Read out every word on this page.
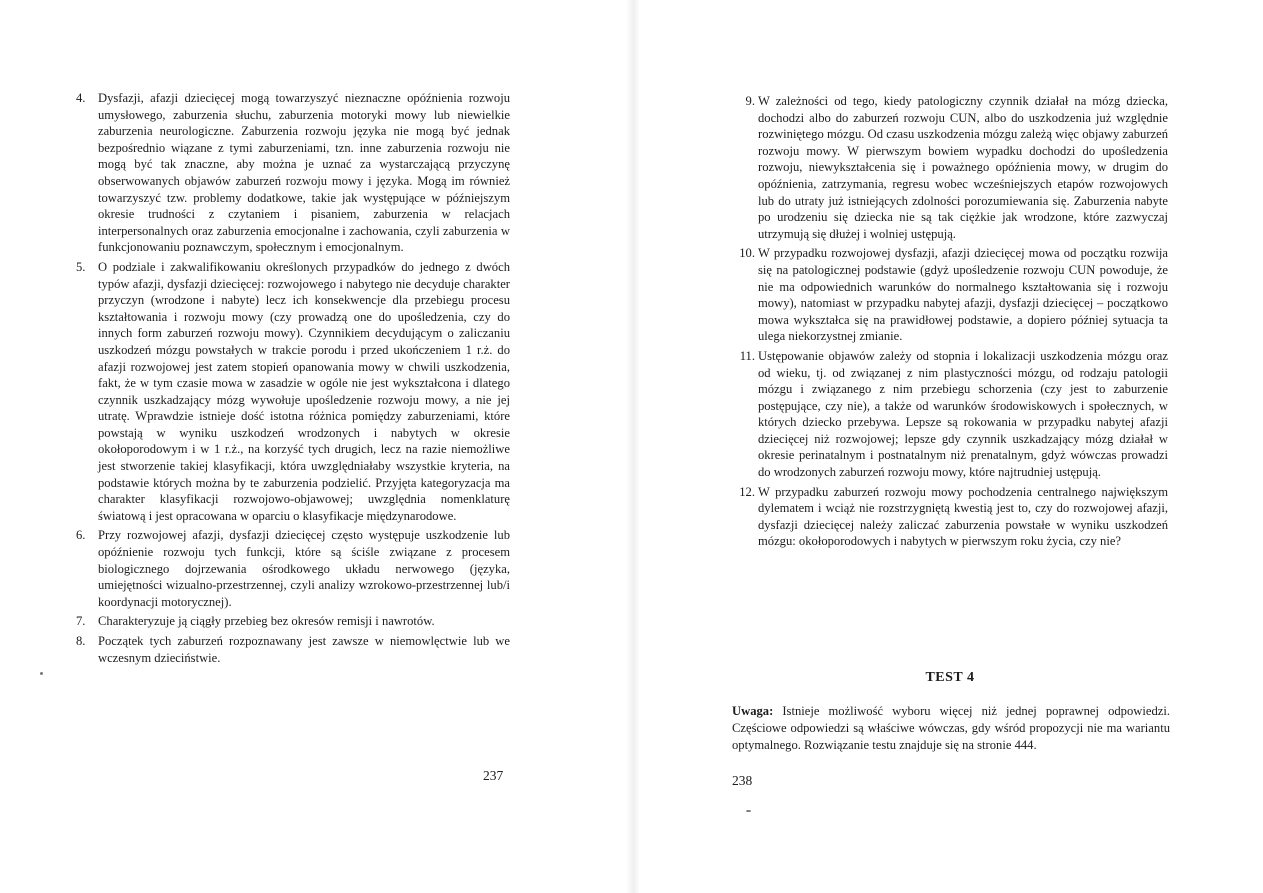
4. Dysfazji, afazji dziecięcej mogą towarzyszyć nieznaczne opóźnienia rozwoju umysłowego, zaburzenia słuchu, zaburzenia motoryki mowy lub niewielkie zaburzenia neurologiczne. Zaburzenia rozwoju języka nie mogą być jednak bezpośrednio wiązane z tymi zaburzeniami, tzn. inne zaburzenia rozwoju nie mogą być tak znaczne, aby można je uznać za wystarczającą przyczynę obserwowanych objawów zaburzeń rozwoju mowy i języka. Mogą im również towarzyszyć tzw. problemy dodatkowe, takie jak występujące w późniejszym okresie trudności z czytaniem i pisaniem, zaburzenia w relacjach interpersonalnych oraz zaburzenia emocjonalne i zachowania, czyli zaburzenia w funkcjonowaniu poznawczym, społecznym i emocjonalnym.
5. O podziale i zakwalifikowaniu określonych przypadków do jednego z dwóch typów afazji, dysfazji dziecięcej: rozwojowego i nabytego nie decyduje charakter przyczyn (wrodzone i nabyte) lecz ich konsekwencje dla przebiegu procesu kształtowania i rozwoju mowy (czy prowadzą one do upośledzenia, czy do innych form zaburzeń rozwoju mowy). Czynnikiem decydującym o zaliczaniu uszkodzeń mózgu powstałych w trakcie porodu i przed ukończeniem 1 r.ż. do afazji rozwojowej jest zatem stopień opanowania mowy w chwili uszkodzenia, fakt, że w tym czasie mowa w zasadzie w ogóle nie jest wykształcona i dlatego czynnik uszkadzający mózg wywołuje upośledzenie rozwoju mowy, a nie jej utratę. Wprawdzie istnieje dość istotna różnica pomiędzy zaburzeniami, które powstają w wyniku uszkodzeń wrodzonych i nabytych w okresie okołoporodowym i w 1 r.ż., na korzyść tych drugich, lecz na razie niemożliwe jest stworzenie takiej klasyfikacji, która uwzględniałaby wszystkie kryteria, na podstawie których można by te zaburzenia podzielić. Przyjęta kategoryzacja ma charakter klasyfikacji rozwojowo-objawowej; uwzględnia nomenklaturę światową i jest opracowana w oparciu o klasyfikacje międzynarodowe.
6. Przy rozwojowej afazji, dysfazji dziecięcej często występuje uszkodzenie lub opóźnienie rozwoju tych funkcji, które są ściśle związane z procesem biologicznego dojrzewania ośrodkowego układu nerwowego (języka, umiejętności wizualno-przestrzennej, czyli analizy wzrokowo-przestrzennej lub/i koordynacji motorycznej).
7. Charakteryzuje ją ciągły przebieg bez okresów remisji i nawrotów.
8. Początek tych zaburzeń rozpoznawany jest zawsze w niemowlęctwie lub we wczesnym dzieciństwie.
237
9. W zależności od tego, kiedy patologiczny czynnik działał na mózg dziecka, dochodzi albo do zaburzeń rozwoju CUN, albo do uszkodzenia już względnie rozwiniętego mózgu. Od czasu uszkodzenia mózgu zależą więc objawy zaburzeń rozwoju mowy. W pierwszym bowiem wypadku dochodzi do upośledzenia rozwoju, niewykształcenia się i poważnego opóźnienia mowy, w drugim do opóźnienia, zatrzymania, regresu wobec wcześniejszych etapów rozwojowych lub do utraty już istniejących zdolności porozumiewania się. Zaburzenia nabyte po urodzeniu się dziecka nie są tak ciężkie jak wrodzone, które zazwyczaj utrzymują się dłużej i wolniej ustępują.
10. W przypadku rozwojowej dysfazji, afazji dziecięcej mowa od początku rozwija się na patologicznej podstawie (gdyż upośledzenie rozwoju CUN powoduje, że nie ma odpowiednich warunków do normalnego kształtowania się i rozwoju mowy), natomiast w przypadku nabytej afazji, dysfazji dziecięcej – początkowo mowa wykształca się na prawidłowej podstawie, a dopiero później sytuacja ta ulega niekorzystnej zmianie.
11. Ustępowanie objawów zależy od stopnia i lokalizacji uszkodzenia mózgu oraz od wieku, tj. od związanej z nim plastyczności mózgu, od rodzaju patologii mózgu i związanego z nim przebiegu schorzenia (czy jest to zaburzenie postępujące, czy nie), a także od warunków środowiskowych i społecznych, w których dziecko przebywa. Lepsze są rokowania w przypadku nabytej afazji dziecięcej niż rozwojowej; lepsze gdy czynnik uszkadzający mózg działał w okresie perinatalnym i postnatalnym niż prenatalnym, gdyż wówczas prowadzi do wrodzonych zaburzeń rozwoju mowy, które najtrudniej ustępują.
12. W przypadku zaburzeń rozwoju mowy pochodzenia centralnego największym dylematem i wciąż nie rozstrzygniętą kwestią jest to, czy do rozwojowej afazji, dysfazji dziecięcej należy zaliczać zaburzenia powstałe w wyniku uszkodzeń mózgu: okołoporodowych i nabytych w pierwszym roku życia, czy nie?
TEST 4

Uwaga: Istnieje możliwość wyboru więcej niż jednej poprawnej odpowiedzi. Częściowe odpowiedzi są właściwe wówczas, gdy wśród propozycji nie ma wariantu optymalnego. Rozwiązanie testu znajduje się na stronie 444.

238
